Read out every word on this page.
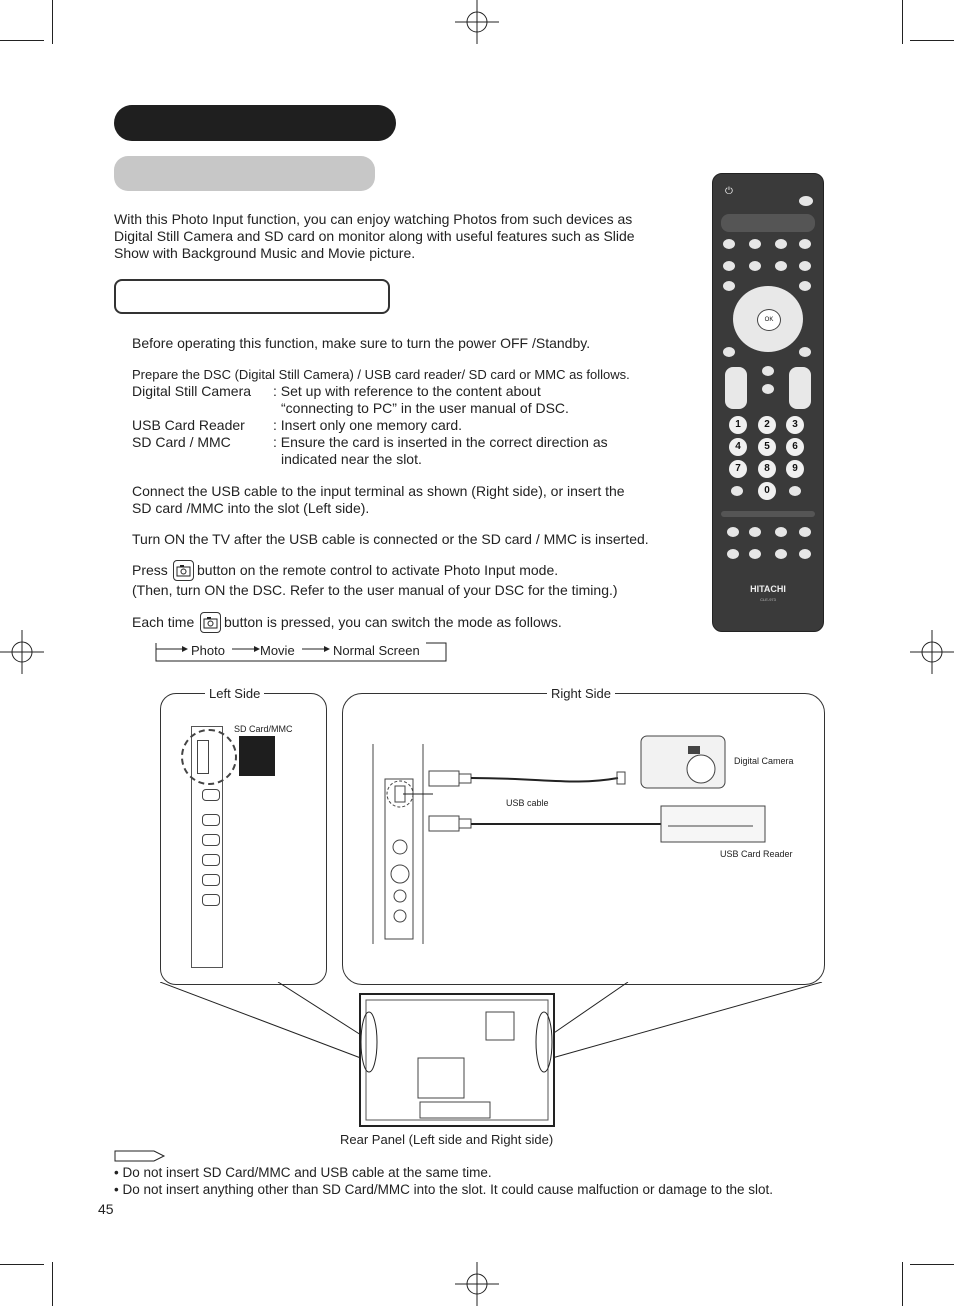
With this Photo Input function, you can enjoy watching Photos from such devices as
Digital Still Camera and SD card on monitor along with useful features such as Slide
Show with Background Music and Movie picture.
Before operating this function, make sure to turn the power OFF /Standby.
Prepare the DSC (Digital Still Camera) / USB card reader/ SD card or MMC as follows.
Digital Still Camera : Set up with reference to the content about
“connecting to PC” in the user manual of DSC.
USB Card Reader : Insert only one memory card.
SD Card / MMC	: Ensure the card is inserted in the correct direction as
indicated near the slot.
Connect the USB cable to the input terminal as shown (Right side), or insert the
SD card /MMC into the slot (Left side).
Turn ON the TV after the USB cable is connected or the SD card / MMC is inserted.
Press button on the remote control to activate Photo Input mode.
(Then, turn ON the DSC. Refer to the user manual of your DSC for the timing.)
Each time button is pressed, you can switch the mode as follows.
Photo	Movie	Normal Screen
⏻
OK
1	2	3
4	5	6
7	8	9
0
HITACHI
CLE-973
Left Side
SD Card/MMC
Right Side
Digital Camera
USB cable
USB Card Reader
Rear Panel (Left side and Right side)
• Do not insert SD Card/MMC and USB cable at the same time.
• Do not insert anything other than SD Card/MMC into the slot. It could cause malfuction or damage to the slot.
45
